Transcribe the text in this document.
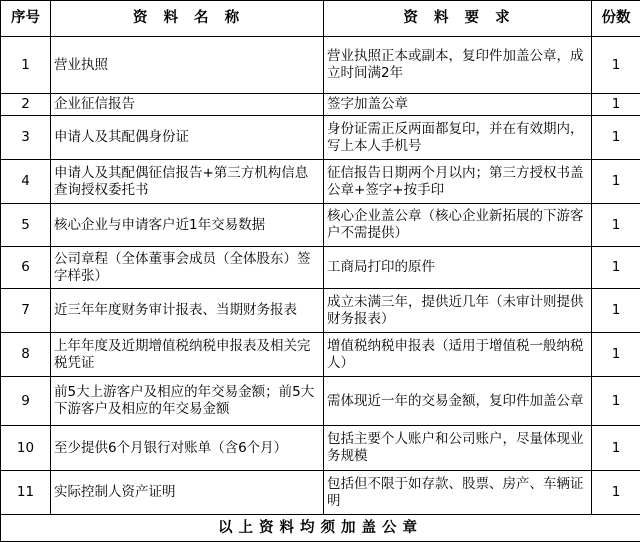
序号	资  料  名  称	资  料  要  求	份数
1	营业执照	营业执照正本或副本，复印件加盖公章，成立时间满2年	1
2	企业征信报告	签字加盖公章	1
3	申请人及其配偶身份证	身份证需正反两面都复印，并在有效期内，写上本人手机号	1
4	申请人及其配偶征信报告+第三方机构信息查询授权委托书	征信报告日期两个月以内；第三方授权书盖公章+签字+按手印	1
5	核心企业与申请客户近1年交易数据	核心企业盖公章（核心企业新拓展的下游客户不需提供）	1
6	公司章程（全体董事会成员（全体股东）签字样张）	工商局打印的原件	1
7	近三年年度财务审计报表、当期财务报表	成立未满三年，提供近几年（未审计则提供财务报表）	1
8	上年年度及近期增值税纳税申报表及相关完税凭证	增值税纳税申报表（适用于增值税一般纳税人）	1
9	前5大上游客户及相应的年交易金额；前5大下游客户及相应的年交易金额	需体现近一年的交易金额，复印件加盖公章	1
10	至少提供6个月银行对账单（含6个月）	包括主要个人账户和公司账户，尽量体现业务规模	1
11	实际控制人资产证明	包括但不限于如存款、股票、房产、车辆证明	1
以上资料均须加盖公章			
